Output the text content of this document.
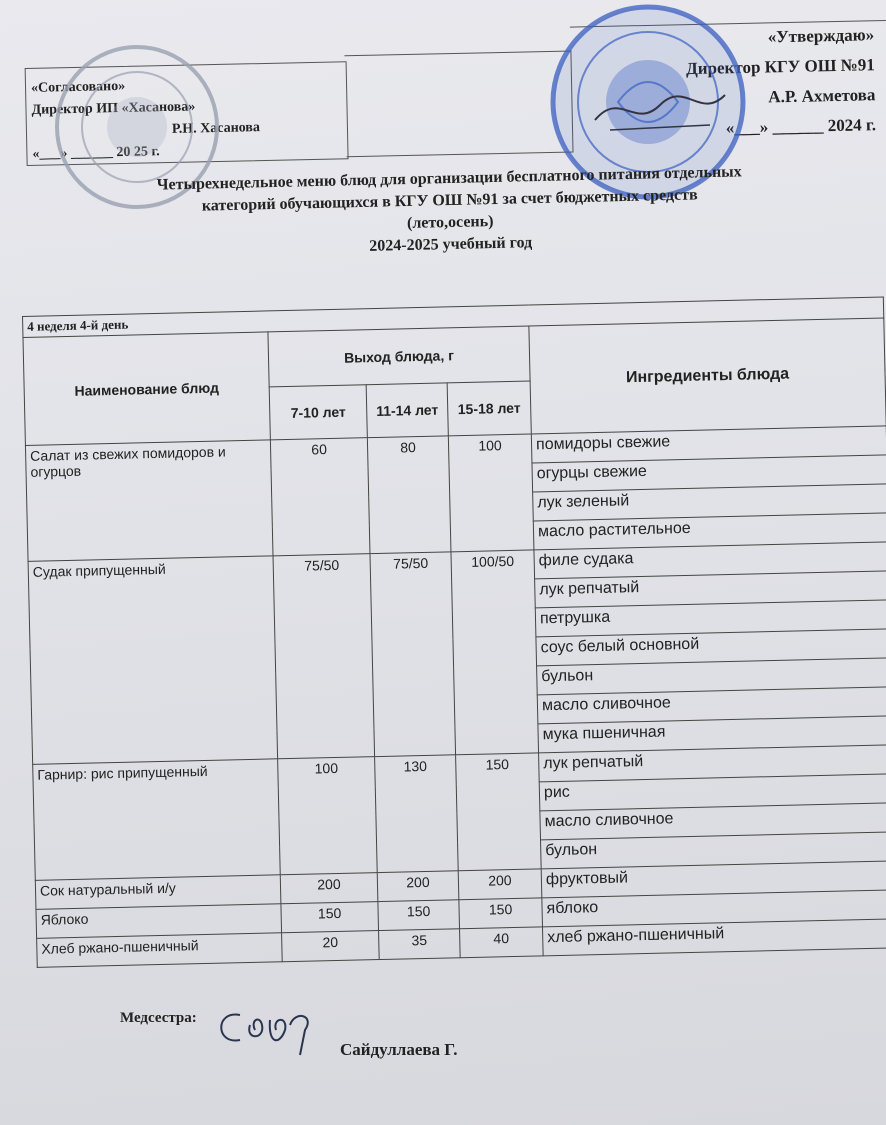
«Согласовано»
Директор ИП «Хасанова»
Р.Н. Хасанова
«___» ______ 20 25 г.
«Утверждаю»
Директор КГУ ОШ №91
А.Р. Ахметова
«___» ______ 2024 г.
Четырехнедельное меню блюд для организации бесплатного питания отдельных
категорий обучающихся в КГУ ОШ №91 за счет бюджетных средств
(лето,осень)
2024-2025 учебный год
4 неделя 4-й день				
Наименование блюд	Выход блюда, г			Ингредиенты блюда
	7-10 лет	11-14 лет	15-18 лет	
Салат из свежих помидоров и огурцов	60	80	100	помидоры свежие
				огурцы свежие
				лук зеленый
				масло растительное
Судак припущенный	75/50	75/50	100/50	филе судака
				лук репчатый
				петрушка
				соус белый основной
				бульон
				масло сливочное
				мука пшеничная
Гарнир: рис припущенный	100	130	150	лук репчатый
				рис
				масло сливочное
				бульон
Сок натуральный и/у	200	200	200	фруктовый
Яблоко	150	150	150	яблоко
Хлеб ржано-пшеничный	20	35	40	хлеб ржано-пшеничный
Медсестра:
Сайдуллаева Г.
